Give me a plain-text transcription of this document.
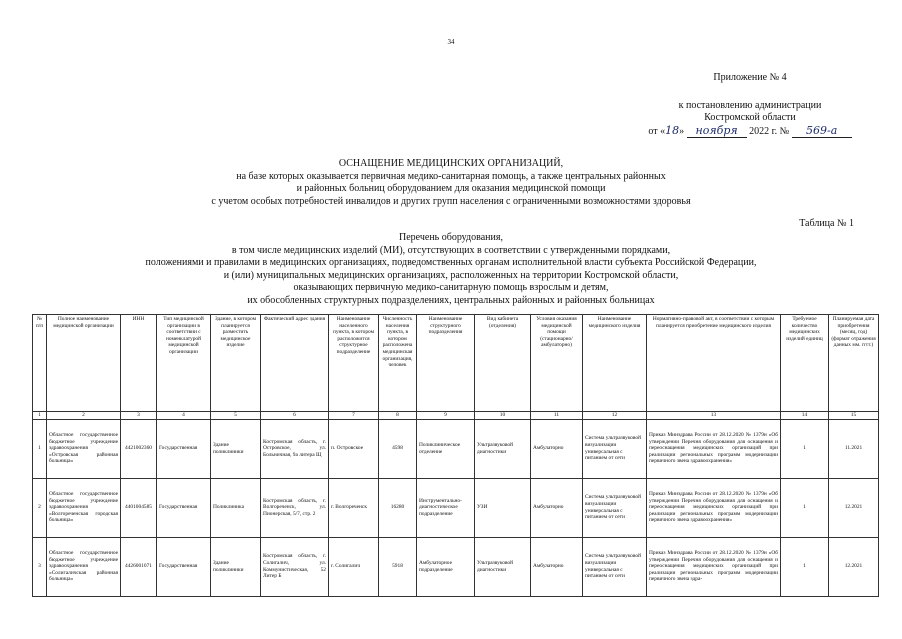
34
Приложение № 4
к постановлению администрации
Костромской области
от «18» ноября 2022 г. № 569-а
ОСНАЩЕНИЕ МЕДИЦИНСКИХ ОРГАНИЗАЦИЙ,
на базе которых оказывается первичная медико-санитарная помощь, а также центральных районных
и районных больниц оборудованием для оказания медицинской помощи
с учетом особых потребностей инвалидов и других групп населения с ограниченными возможностями здоровья
Таблица № 1
Перечень оборудования,
в том числе медицинских изделий (МИ), отсутствующих в соответствии с утвержденными порядками,
положениями и правилами в медицинских организациях, подведомственных органам исполнительной власти субъекта Российской Федерации,
и (или) муниципальных медицинских организациях, расположенных на территории Костромской области,
оказывающих первичную медико-санитарную помощь взрослым и детям,
их обособленных структурных подразделениях, центральных районных и районных больницах
№ п/п	Полное наименование медицинской организации	ИНН	Тип медицинской организации в соответствии с номенклатурой медицинской организации	Здание, в котором планируется разместить медицинское изделие	Фактический адрес здания	Наименование населенного пункта, в котором расположится структурное подразделение	Численность населения пункта, в котором расположена медицинская организация, человек	Наименование структурного подразделения	Вид кабинета (отделения)	Условия оказания медицинской помощи (стационарно/амбулаторно)	Наименование медицинского изделия	Нормативно-правовой акт, в соответствии с которым планируется приобретение медицинского изделия	Требуемое количество медицинских изделий единиц	Планируемая дата приобретения (месяц, год) (формат отражения данных мм. гггг.)
1	2	3	4	5	6	7	8	9	10	11	12	13	14	15
1	Областное государственное бюджетное учреждение здравоохранения «Островская районная больница»	4421002360	Государственная	Здание поликлиники	Костромская область, г. Островское, ул. Больничная, 9а литера Щ	п. Островское	4598	Поликлиническое отделение	Ультразвуковой диагностики	Амбулаторно	Система ультразвуковой визуализации универсальная с питанием от сети	Приказ Минздрава России от 28.12.2020 № 1379н «Об утверждении Перечня оборудования для оснащения и переоснащения медицинских организаций при реализации региональных программ модернизации первичного звена здравоохранения»	1	11.2021
2	Областное государственное бюджетное учреждение здравоохранения «Волгореченская городская больница»	4401004585	Государственная	Поликлиника	Костромская область, г. Волгореченск, ул. Пионерская, 5/7, стр. 2	г. Волгореченск	16280	Инструментально-диагностическое подразделение	УЗИ	Амбулаторно	Система ультразвуковой визуализации универсальная с питанием от сети	Приказ Минздрава России от 28.12.2020 № 1379н «Об утверждении Перечня оборудования для оснащения и переоснащения медицинских организаций при реализации региональных программ модернизации первичного звена здравоохранения»	1	12.2021
3	Областное государственное бюджетное учреждение здравоохранения «Солигаличская районная больница»	4426001071	Государственная	Здание поликлиники	Костромская область, г. Солигалич, ул. Коммунистическая, 52 Литер Б	г. Солигалич	5918	Амбулаторное подразделение	Ультразвуковой диагностики	Амбулаторно	Система ультразвуковой визуализации универсальная с питанием от сети	Приказ Минздрава России от 28.12.2020 № 1379н «Об утверждении Перечня оборудования для оснащения и переоснащения медицинских организаций при реализации региональных программ модернизации первичного звена здра-	1	12.2021
